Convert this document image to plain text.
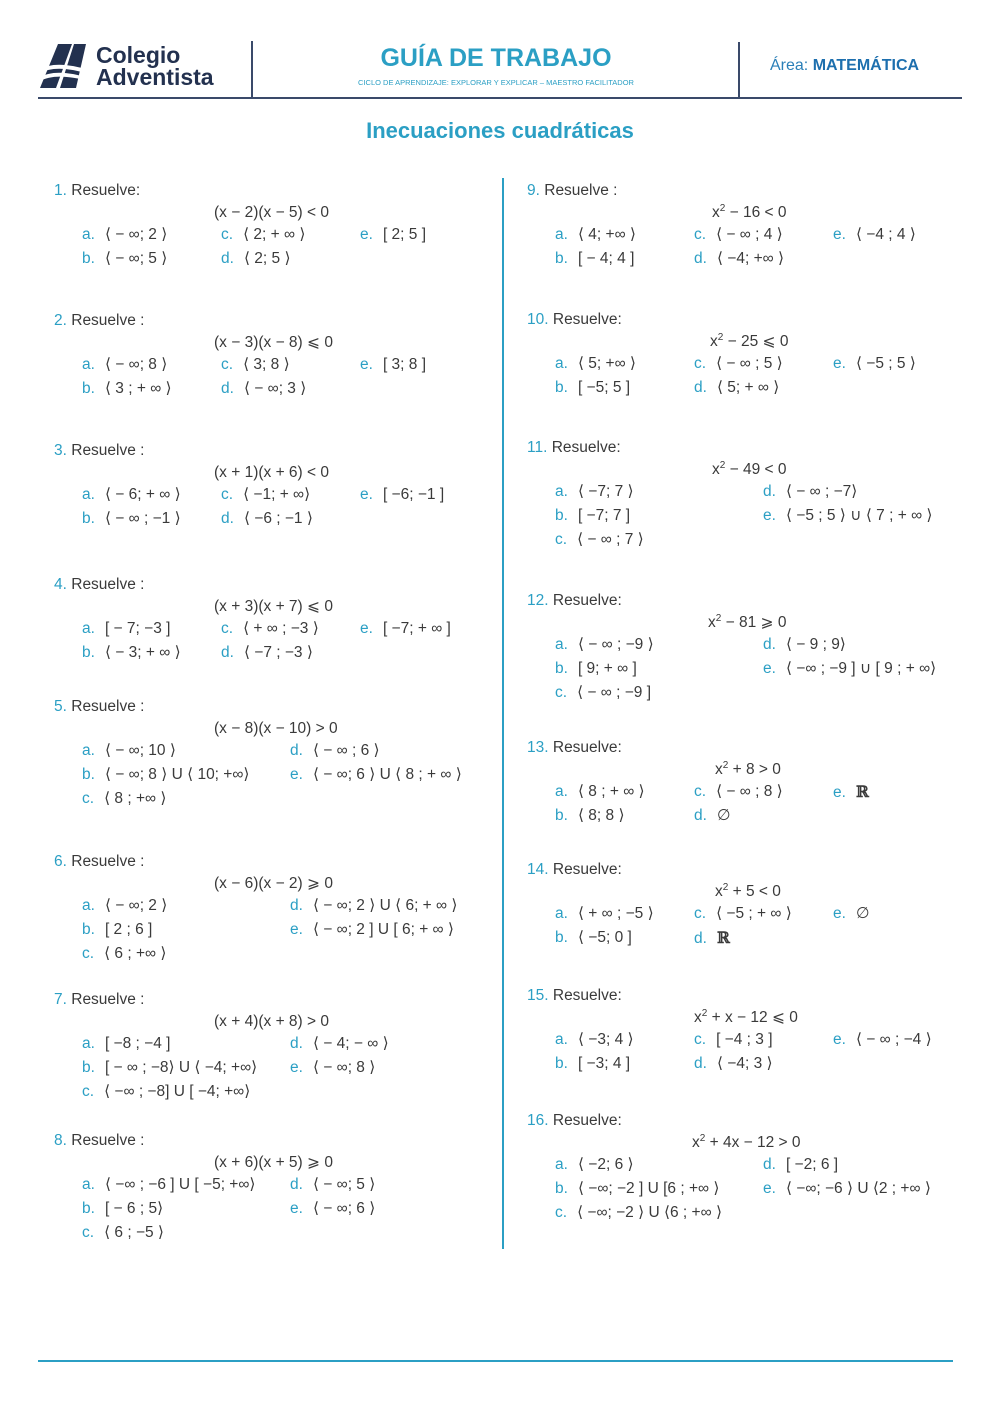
Colegio
Adventista
GUÍA DE TRABAJO
CICLO DE APRENDIZAJE: EXPLORAR Y EXPLICAR – MAESTRO FACILITADOR
Área: MATEMÁTICA
Inecuaciones cuadráticas
1. Resuelve:
(x − 2)(x − 5) < 0
a. ⟨ − ∞; 2 ⟩	c. ⟨ 2; + ∞ ⟩	e. [ 2; 5 ]
b. ⟨ − ∞; 5 ⟩	d. ⟨ 2; 5 ⟩
2. Resuelve :
(x − 3)(x − 8) ⩽ 0
a. ⟨ − ∞; 8 ⟩	c. ⟨ 3; 8 ⟩	e. [ 3; 8 ]
b. ⟨ 3 ; + ∞ ⟩	d. ⟨ − ∞; 3 ⟩
3. Resuelve :
(x + 1)(x + 6) < 0
a. ⟨ − 6; + ∞ ⟩	c. ⟨ −1; + ∞⟩	e. [ −6; −1 ]
b. ⟨ − ∞ ; −1 ⟩	d. ⟨ −6 ; −1 ⟩
4. Resuelve :
(x + 3)(x + 7) ⩽ 0
a. [ − 7; −3 ]	c. ⟨ + ∞ ; −3 ⟩	e. [ −7; + ∞ ]
b. ⟨ − 3; + ∞ ⟩	d. ⟨ −7 ; −3 ⟩
5. Resuelve :
(x − 8)(x − 10) > 0
a. ⟨ − ∞; 10 ⟩	d. ⟨ − ∞ ; 6 ⟩
b. ⟨ − ∞; 8 ⟩ U ⟨ 10; +∞⟩	e. ⟨ − ∞; 6 ⟩ U ⟨ 8 ; + ∞ ⟩
c. ⟨ 8 ; +∞ ⟩
6. Resuelve :
(x − 6)(x − 2) ⩾ 0
a. ⟨ − ∞; 2 ⟩	d. ⟨ − ∞; 2 ⟩ U ⟨ 6; + ∞ ⟩
b. [ 2 ; 6 ]	e. ⟨ − ∞; 2 ] U [ 6; + ∞ ⟩
c. ⟨ 6 ; +∞ ⟩
7. Resuelve :
(x + 4)(x + 8) > 0
a. [ −8 ; −4 ]	d. ⟨ − 4; − ∞ ⟩
b. [ − ∞ ; −8⟩ U ⟨ −4; +∞⟩ e. ⟨ − ∞; 8 ⟩
c. ⟨ −∞ ; −8] U [ −4; +∞⟩
8. Resuelve :
(x + 6)(x + 5) ⩾ 0
a. ⟨ −∞ ; −6 ] U [ −5; +∞⟩ d. ⟨ − ∞; 5 ⟩
b. [ − 6 ; 5⟩	e. ⟨ − ∞; 6 ⟩
c. ⟨ 6 ; −5 ⟩
9. Resuelve :
$x^2 - 16 < 0$
a. ⟨ 4; +∞ ⟩	c. ⟨ − ∞ ; 4 ⟩	e. ⟨ −4 ; 4 ⟩
b. [ − 4; 4 ]	d. ⟨ −4; +∞ ⟩
10. Resuelve:
$x^2 - 25$ ⩽ 0
a. ⟨ 5; +∞ ⟩	c. ⟨ − ∞ ; 5 ⟩	e. ⟨ −5 ; 5 ⟩
b. [ −5; 5 ]	d. ⟨ 5; + ∞ ⟩
11. Resuelve:
$x^2 - 49 < 0$
a. ⟨ −7; 7 ⟩	d. ⟨ − ∞ ; −7⟩
b. [ −7; 7 ]	e. ⟨ −5 ; 5 ⟩ ∪ ⟨ 7 ; + ∞ ⟩
c. ⟨ − ∞ ; 7 ⟩
12. Resuelve:
$x^2 - 81$ ⩾ 0
a. ⟨ − ∞ ; −9 ⟩	d. ⟨ − 9 ; 9⟩
b. [ 9; + ∞ ]	e. ⟨ −∞ ; −9 ] ∪ [ 9 ; + ∞⟩
c. ⟨ − ∞ ; −9 ]
13. Resuelve:
$x^2 + 8 > 0$
a. ⟨ 8 ; + ∞ ⟩	c. ⟨ − ∞ ; 8 ⟩	e. ℝ
b. ⟨ 8; 8 ⟩	d. ∅
14. Resuelve:
$x^2 + 5 < 0$
a. ⟨ + ∞ ; −5 ⟩	c. ⟨ −5 ; + ∞ ⟩	e. ∅
b. ⟨ −5; 0 ]	d. ℝ
15. Resuelve:
$x^2 + x - 12$ ⩽ 0
a. ⟨ −3; 4 ⟩	c. [ −4 ; 3 ]	e. ⟨ − ∞ ; −4 ⟩
b. [ −3; 4 ]	d. ⟨ −4; 3 ⟩
16. Resuelve:
$x^2 + 4x - 12 > 0$
a. ⟨ −2; 6 ⟩	d. [ −2; 6 ]
b. ⟨ −∞; −2 ] U [6 ; +∞ ⟩	e. ⟨ −∞; −6 ⟩ U ⟨2 ; +∞ ⟩
c. ⟨ −∞; −2 ⟩ U ⟨6 ; +∞ ⟩
